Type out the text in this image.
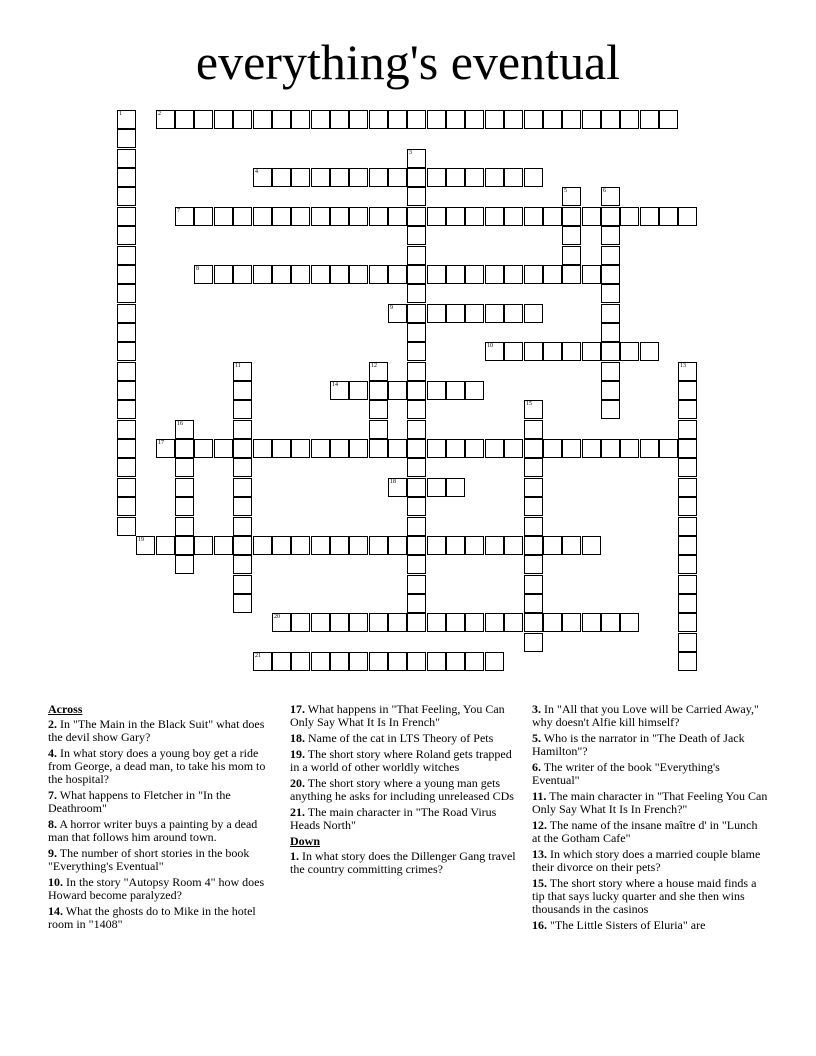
everything's eventual
2
4
7
8
9
10
14
17
18
19
20
21
1
3
5	6
11	12	13
15
16
Across
2. In "The Main in the Black Suit" what does the devil show Gary?
4. In what story does a young boy get a ride from George, a dead man, to take his mom to the hospital?
7. What happens to Fletcher in "In the Deathroom"
8. A horror writer buys a painting by a dead man that follows him around town.
9. The number of short stories in the book "Everything's Eventual"
10. In the story "Autopsy Room 4" how does Howard become paralyzed?
14. What the ghosts do to Mike in the hotel room in "1408"
17. What happens in "That Feeling, You Can Only Say What It Is In French"
18. Name of the cat in LTS Theory of Pets
19. The short story where Roland gets trapped in a world of other worldly witches
20. The short story where a young man gets anything he asks for including unreleased CDs
21. The main character in "The Road Virus Heads North"
Down
1. In what story does the Dillenger Gang travel the country committing crimes?
3. In "All that you Love will be Carried Away," why doesn't Alfie kill himself?
5. Who is the narrator in "The Death of Jack Hamilton"?
6. The writer of the book "Everything's Eventual"
11. The main character in "That Feeling You Can Only Say What It Is In French?"
12. The name of the insane maître d' in "Lunch at the Gotham Cafe"
13. In which story does a married couple blame their divorce on their pets?
15. The short story where a house maid finds a tip that says lucky quarter and she then wins thousands in the casinos
16. "The Little Sisters of Eluria" are
